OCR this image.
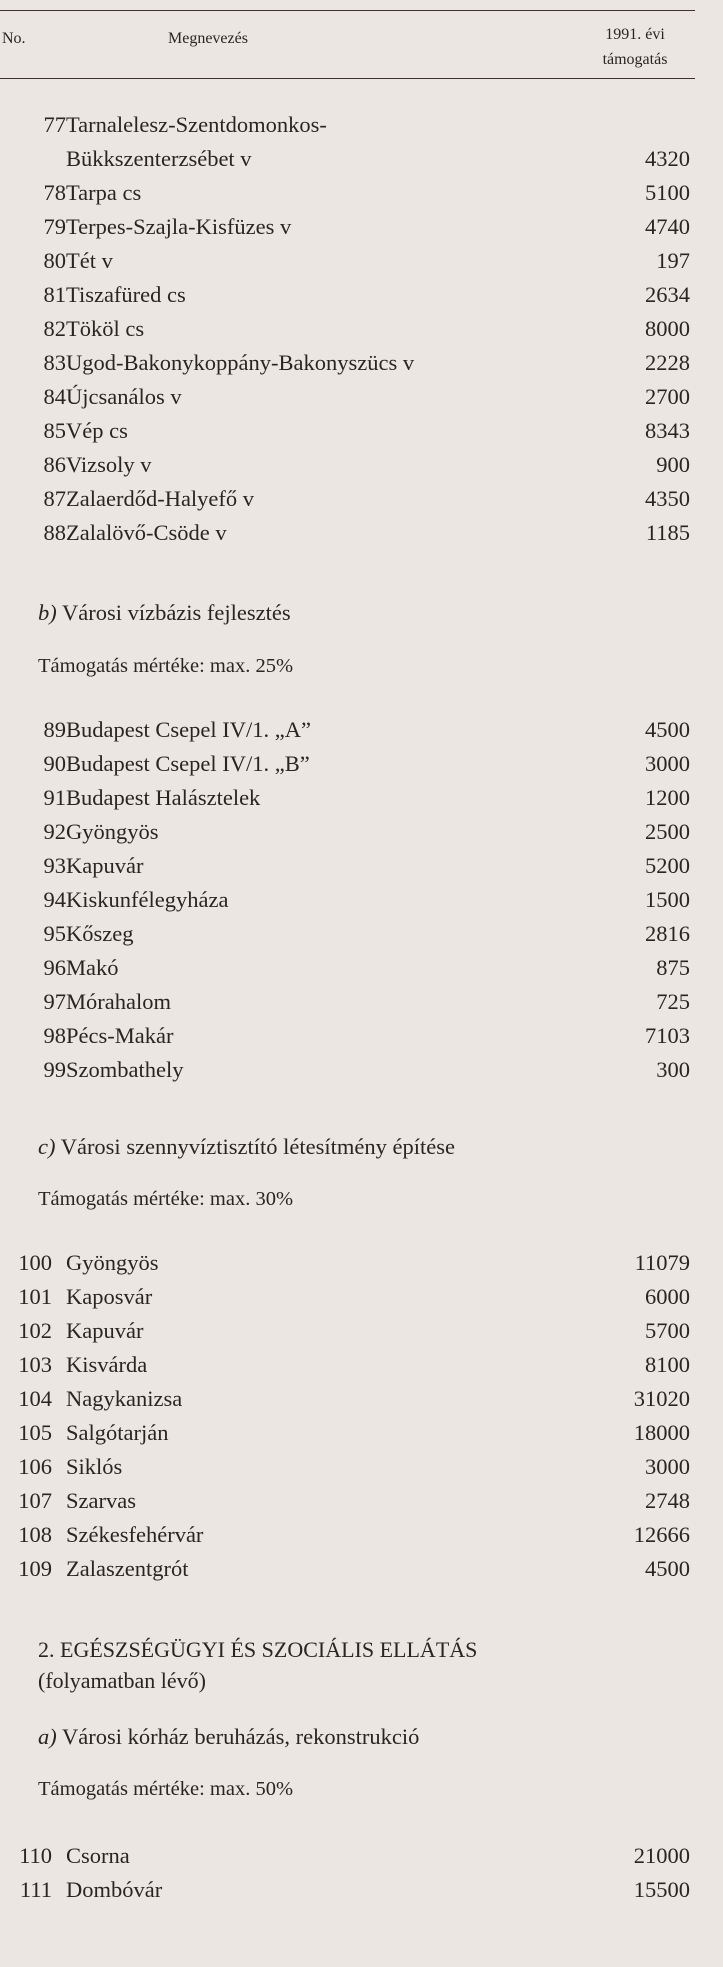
No.	Megnevezés	1991. évi
támogatás
77 Tarnalelesz-Szentdomonkos-
Bükkszenterzsébet v	4320
78 Tarpa cs	5100
79 Terpes-Szajla-Kisfüzes v	4740
80 Tét v	197
81 Tiszafüred cs	2634
82 Tököl cs	8000
83 Ugod-Bakonykoppány-Bakonyszücs v	2228
84 Újcsanálos v	2700
85 Vép cs	8343
86 Vizsoly v	900
87 Zalaerdőd-Halyefő v	4350
88 Zalalövő-Csöde v	1185
b) Városi vízbázis fejlesztés
Támogatás mértéke: max. 25%
89 Budapest Csepel IV/1. „A”	4500
90 Budapest Csepel IV/1. „B”	3000
91 Budapest Halásztelek	1200
92 Gyöngyös	2500
93 Kapuvár	5200
94 Kiskunfélegyháza	1500
95 Kőszeg	2816
96 Makó	875
97 Mórahalom	725
98 Pécs-Makár	7103
99 Szombathely	300
c) Városi szennyvíztisztító létesítmény építése
Támogatás mértéke: max. 30%
100 Gyöngyös	11079
101 Kaposvár	6000
102 Kapuvár	5700
103 Kisvárda	8100
104 Nagykanizsa	31020
105 Salgótarján	18000
106 Siklós	3000
107 Szarvas	2748
108 Székesfehérvár	12666
109 Zalaszentgrót	4500
2. EGÉSZSÉGÜGYI ÉS SZOCIÁLIS ELLÁTÁS
(folyamatban lévő)
a) Városi kórház beruházás, rekonstrukció
Támogatás mértéke: max. 50%
110 Csorna	21000
111 Dombóvár	15500
